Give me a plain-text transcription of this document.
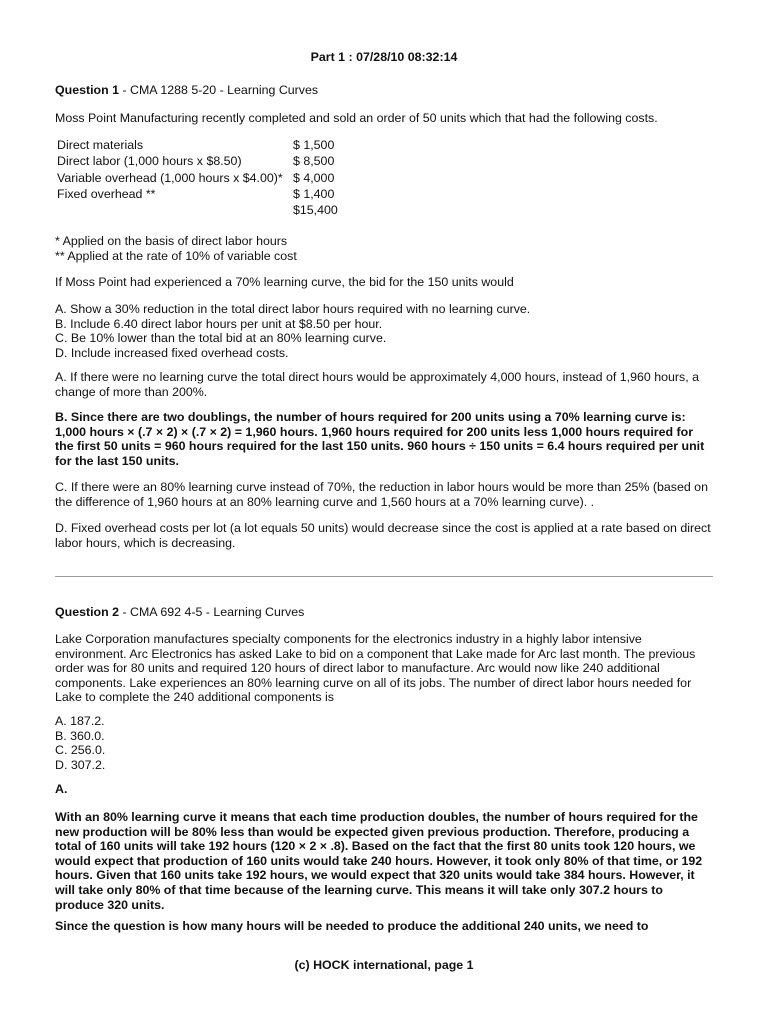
Part 1 : 07/28/10 08:32:14
Question 1 - CMA 1288 5-20 - Learning Curves
Moss Point Manufacturing recently completed and sold an order of 50 units which that had the following costs.
Direct materials	$ 1,500
Direct labor (1,000 hours x $8.50)	$ 8,500
Variable overhead (1,000 hours x $4.00)*	$ 4,000
Fixed overhead **	$ 1,400
	$15,400
* Applied on the basis of direct labor hours
** Applied at the rate of 10% of variable cost
If Moss Point had experienced a 70% learning curve, the bid for the 150 units would
A. Show a 30% reduction in the total direct labor hours required with no learning curve.
B. Include 6.40 direct labor hours per unit at $8.50 per hour.
C. Be 10% lower than the total bid at an 80% learning curve.
D. Include increased fixed overhead costs.
A. If there were no learning curve the total direct hours would be approximately 4,000 hours, instead of 1,960 hours, a change of more than 200%.
B. Since there are two doublings, the number of hours required for 200 units using a 70% learning curve is: 1,000 hours × (.7 × 2) × (.7 × 2) = 1,960 hours. 1,960 hours required for 200 units less 1,000 hours required for the first 50 units = 960 hours required for the last 150 units. 960 hours ÷ 150 units = 6.4 hours required per unit for the last 150 units.
C. If there were an 80% learning curve instead of 70%, the reduction in labor hours would be more than 25% (based on the difference of 1,960 hours at an 80% learning curve and 1,560 hours at a 70% learning curve). .
D. Fixed overhead costs per lot (a lot equals 50 units) would decrease since the cost is applied at a rate based on direct labor hours, which is decreasing.
Question 2 - CMA 692 4-5 - Learning Curves
Lake Corporation manufactures specialty components for the electronics industry in a highly labor intensive environment. Arc Electronics has asked Lake to bid on a component that Lake made for Arc last month. The previous order was for 80 units and required 120 hours of direct labor to manufacture. Arc would now like 240 additional components. Lake experiences an 80% learning curve on all of its jobs. The number of direct labor hours needed for Lake to complete the 240 additional components is
A. 187.2.
B. 360.0.
C. 256.0.
D. 307.2.
A.
With an 80% learning curve it means that each time production doubles, the number of hours required for the new production will be 80% less than would be expected given previous production. Therefore, producing a total of 160 units will take 192 hours (120 × 2 × .8). Based on the fact that the first 80 units took 120 hours, we would expect that production of 160 units would take 240 hours. However, it took only 80% of that time, or 192 hours. Given that 160 units take 192 hours, we would expect that 320 units would take 384 hours. However, it will take only 80% of that time because of the learning curve. This means it will take only 307.2 hours to produce 320 units.
Since the question is how many hours will be needed to produce the additional 240 units, we need to
(c) HOCK international, page 1
